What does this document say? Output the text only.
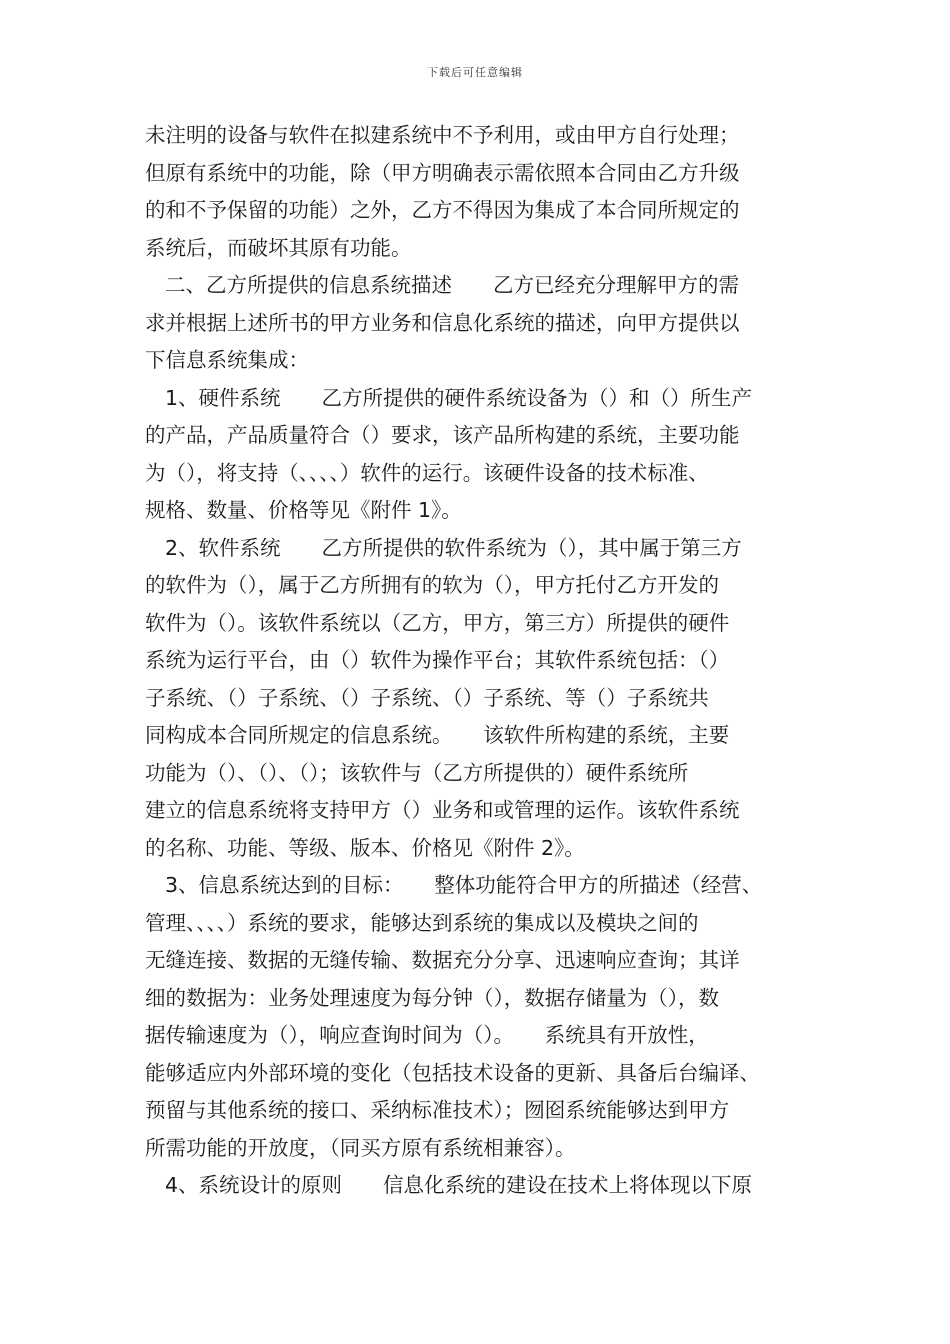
下载后可任意编辑
未注明的设备与软件在拟建系统中不予利用，或由甲方自行处理；
但原有系统中的功能，除（甲方明确表示需依照本合同由乙方升级
的和不予保留的功能）之外，乙方不得因为集成了本合同所规定的
系统后，而破坏其原有功能。
二、乙方所提供的信息系统描述　　乙方已经充分理解甲方的需
求并根据上述所书的甲方业务和信息化系统的描述，向甲方提供以
下信息系统集成：
1、硬件系统　　乙方所提供的硬件系统设备为（）和（）所生产
的产品，产品质量符合（）要求，该产品所构建的系统，主要功能
为（），将支持（、、、、）软件的运行。该硬件设备的技术标准、
规格、数量、价格等见《附件 1》。
2、软件系统　　乙方所提供的软件系统为（），其中属于第三方
的软件为（），属于乙方所拥有的软为（），甲方托付乙方开发的
软件为（）。该软件系统以（乙方，甲方，第三方）所提供的硬件
系统为运行平台，由（）软件为操作平台；其软件系统包括：（）
子系统、（）子系统、（）子系统、（）子系统、等（）子系统共
同构成本合同所规定的信息系统。　　该软件所构建的系统，主要
功能为（）、（）、（）；该软件与（乙方所提供的）硬件系统所
建立的信息系统将支持甲方（）业务和或管理的运作。该软件系统
的名称、功能、等级、版本、价格见《附件 2》。
3、信息系统达到的目标：　　整体功能符合甲方的所描述（经营、
管理、、、、）系统的要求，能够达到系统的集成以及模块之间的
无缝连接、数据的无缝传输、数据充分分享、迅速响应查询；其详
细的数据为：业务处理速度为每分钟（），数据存储量为（），数
据传输速度为（），响应查询时间为（）。　　系统具有开放性，
能够适应内外部环境的变化（包括技术设备的更新、具备后台编译、
预留与其他系统的接口、采纳标准技术）；囫囵系统能够达到甲方
所需功能的开放度，（同买方原有系统相兼容）。
4、系统设计的原则　　信息化系统的建设在技术上将体现以下原
